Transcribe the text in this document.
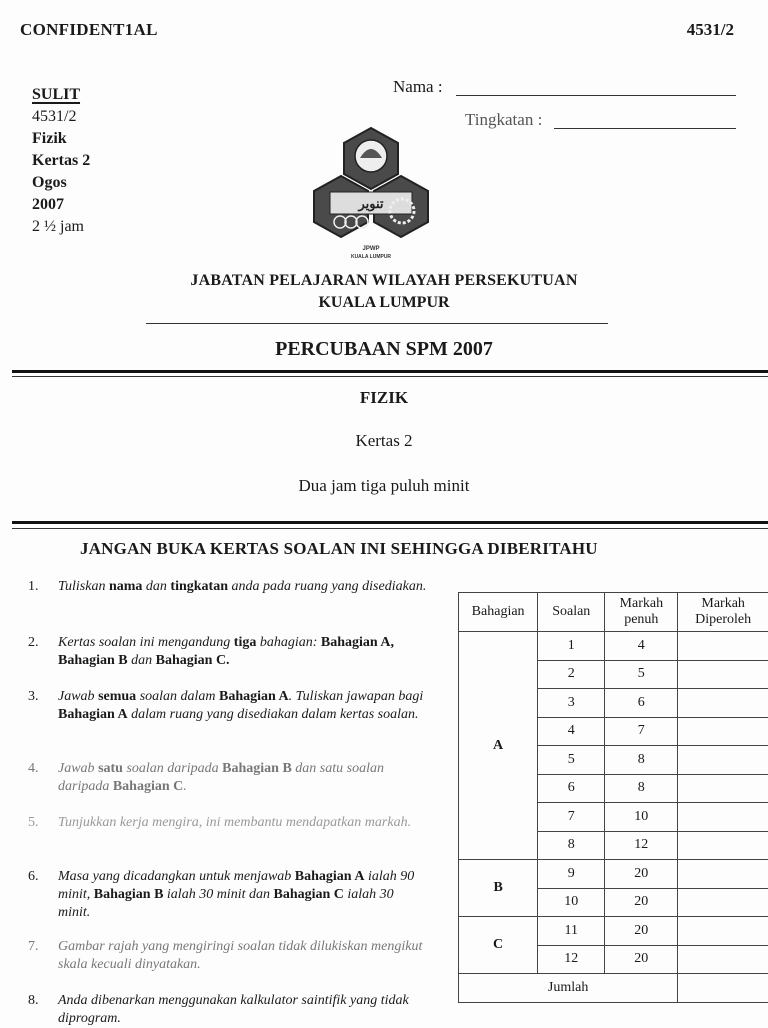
CONFIDENT1AL	4531/2
SULIT
4531/2
Fizik
Kertas 2
Ogos
2007
2 ½ jam
Nama :
Tingkatan :
ﺗﻨﻮﯾﺮ
JPWP
KUALA LUMPUR
JABATAN PELAJARAN WILAYAH PERSEKUTUAN
KUALA LUMPUR
PERCUBAAN SPM 2007
FIZIK
Kertas 2
Dua jam tiga puluh minit
JANGAN BUKA KERTAS SOALAN INI SEHINGGA DIBERITAHU
1. Tuliskan nama dan tingkatan anda pada ruang yang disediakan.
2. Kertas soalan ini mengandung tiga bahagian: Bahagian A, Bahagian B dan Bahagian C.
3. Jawab semua soalan dalam Bahagian A. Tuliskan jawapan bagi Bahagian A dalam ruang yang disediakan dalam kertas soalan.
4. Jawab satu soalan daripada Bahagian B dan satu soalan daripada Bahagian C.
5. Tunjukkan kerja mengira, ini membantu mendapatkan markah.
6. Masa yang dicadangkan untuk menjawab Bahagian A ialah 90 minit, Bahagian B ialah 30 minit dan Bahagian C ialah 30 minit.
7. Gambar rajah yang mengiringi soalan tidak dilukiskan mengikut skala kecuali dinyatakan.
8. Anda dibenarkan menggunakan kalkulator saintifik yang tidak diprogram.
Bahagian	Soalan	Markah penuh	Markah Diperoleh
A	1	4	
	2	5	
	3	6	
	4	7	
	5	8	
	6	8	
	7	10	
	8	12	
B	9	20	
	10	20	
C	11	20	
	12	20	
Jumlah			
